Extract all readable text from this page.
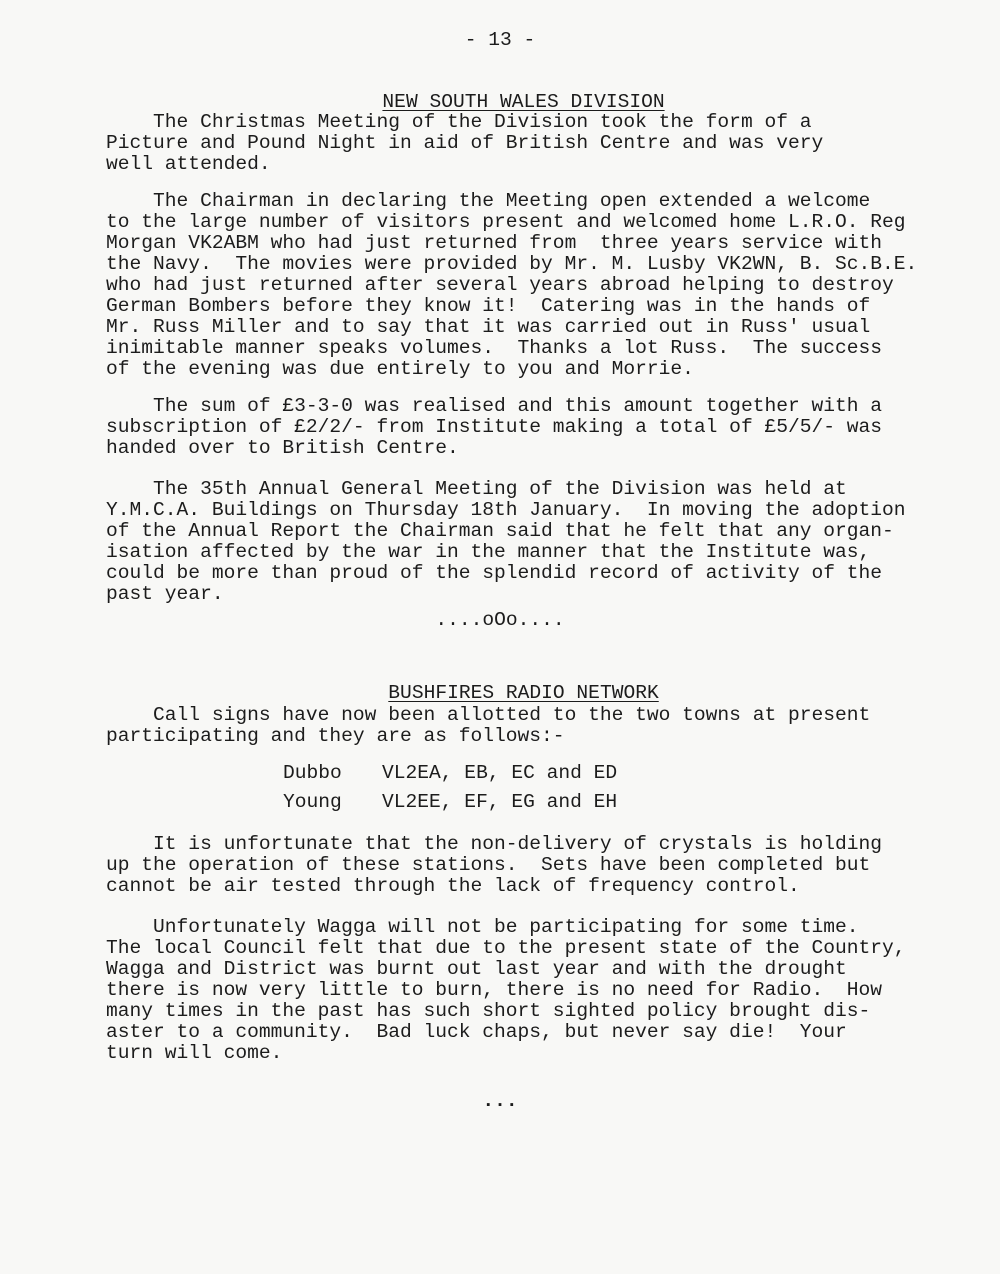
- 13 -

NEW SOUTH WALES DIVISION

The Christmas Meeting of the Division took the form of a
Picture and Pound Night in aid of British Centre and was very
well attended.
The Chairman in declaring the Meeting open extended a welcome
to the large number of visitors present and welcomed home L.R.O. Reg
Morgan VK2ABM who had just returned from  three years service with
the Navy.  The movies were provided by Mr. M. Lusby VK2WN, B. Sc.B.E.
who had just returned after several years abroad helping to destroy
German Bombers before they know it!  Catering was in the hands of
Mr. Russ Miller and to say that it was carried out in Russ' usual
inimitable manner speaks volumes.  Thanks a lot Russ.  The success
of the evening was due entirely to you and Morrie.
The sum of £3-3-0 was realised and this amount together with a
subscription of £2/2/- from Institute making a total of £5/5/- was
handed over to British Centre.
The 35th Annual General Meeting of the Division was held at
Y.M.C.A. Buildings on Thursday 18th January.  In moving the adoption
of the Annual Report the Chairman said that he felt that any organ-
isation affected by the war in the manner that the Institute was,
could be more than proud of the splendid record of activity of the
past year.
....oOo....

BUSHFIRES RADIO NETWORK

Call signs have now been allotted to the two towns at present
participating and they are as follows:-
Dubbo VL2EA, EB, EC and ED
Young VL2EE, EF, EG and EH
It is unfortunate that the non-delivery of crystals is holding
up the operation of these stations.  Sets have been completed but
cannot be air tested through the lack of frequency control.
Unfortunately Wagga will not be participating for some time.
The local Council felt that due to the present state of the Country,
Wagga and District was burnt out last year and with the drought
there is now very little to burn, there is no need for Radio.  How
many times in the past has such short sighted policy brought dis-
aster to a community.  Bad luck chaps, but never say die!  Your
turn will come.
...
